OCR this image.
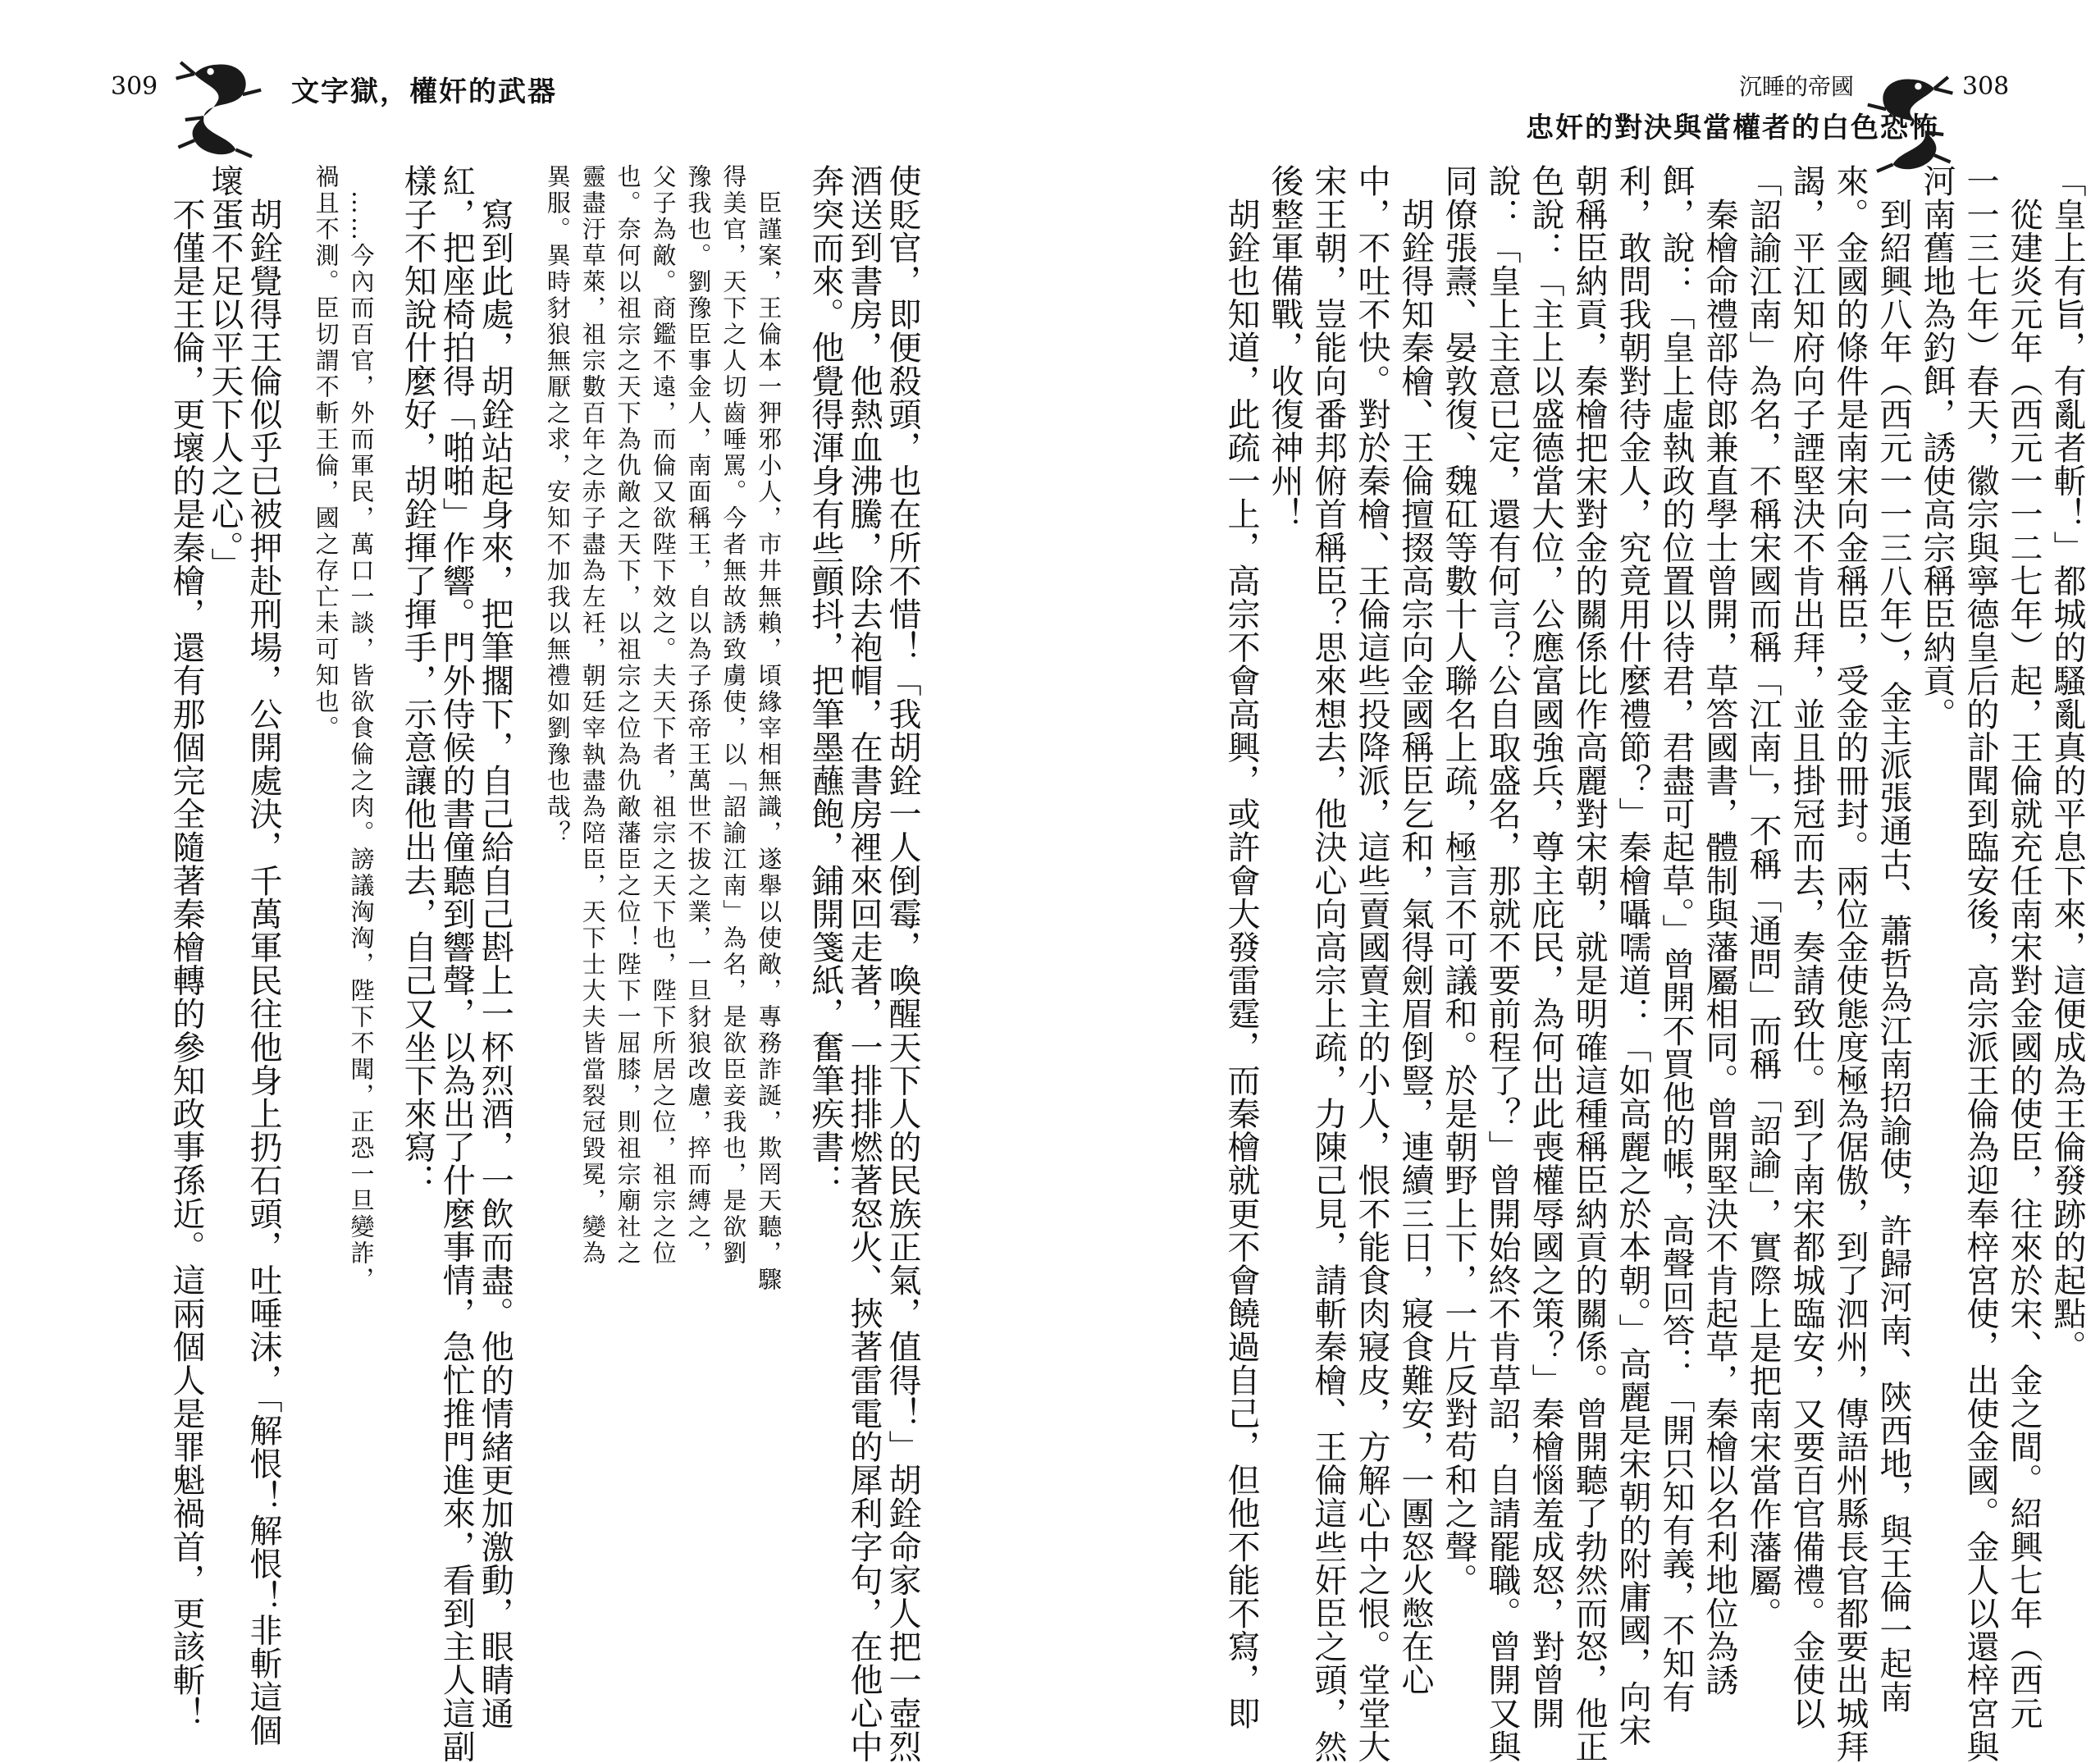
309	文字獄，權奸的武器	沉睡的帝國
忠奸的對決與當權者的白色恐怖
308
使貶官，即便殺頭，也在所不惜！「我胡銓一人倒霉，喚醒天下人的民族正氣，值得！」胡銓命家人把一壺烈
酒送到書房，他熱血沸騰，除去袍帽，在書房裡來回走著，一排排燃著怒火、挾著雷電的犀利字句，在他心中
奔突而來。他覺得渾身有些顫抖，把筆墨蘸飽，鋪開箋紙，奮筆疾書：
　臣謹案，王倫本一狎邪小人，市井無賴，頃緣宰相無識，遂舉以使敵，專務詐誕，欺罔天聽，驟
得美官，天下之人切齒唾罵。今者無故誘致虜使，以「詔諭江南」為名，是欲臣妾我也，是欲劉
豫我也。劉豫臣事金人，南面稱王，自以為子孫帝王萬世不拔之業，一旦豺狼改慮，捽而縛之，
父子為敵。商鑑不遠，而倫又欲陛下效之。夫天下者，祖宗之天下也，陛下所居之位，祖宗之位
也。奈何以祖宗之天下為仇敵之天下，以祖宗之位為仇敵藩臣之位！陛下一屈膝，則祖宗廟社之
靈盡汙草萊，祖宗數百年之赤子盡為左衽，朝廷宰執盡為陪臣，天下士大夫皆當裂冠毀冕，變為
異服。異時豺狼無厭之求，安知不加我以無禮如劉豫也哉？
　寫到此處，胡銓站起身來，把筆擱下，自己給自己斟上一杯烈酒，一飲而盡。他的情緒更加激動，眼睛通
紅，把座椅拍得「啪啪」作響。門外侍候的書僮聽到響聲，以為出了什麼事情，急忙推門進來，看到主人這副
樣子不知說什麼好，胡銓揮了揮手，示意讓他出去，自己又坐下來寫：
　……今內而百官，外而軍民，萬口一談，皆欲食倫之肉。謗議洶洶，陛下不聞，正恐一旦變詐，
禍且不測。臣切謂不斬王倫，國之存亡未可知也。
　胡銓覺得王倫似乎已被押赴刑場，公開處決，千萬軍民往他身上扔石頭，吐唾沫，「解恨！解恨！非斬這個
壞蛋不足以平天下人之心。」
　不僅是王倫，更壞的是秦檜，還有那個完全隨著秦檜轉的參知政事孫近。這兩個人是罪魁禍首，更該斬！	「皇上有旨，有亂者斬！」都城的騷亂真的平息下來，這便成為王倫發跡的起點。
　從建炎元年（西元一一二七年）起，王倫就充任南宋對金國的使臣，往來於宋、金之間。紹興七年（西元
一一三七年）春天，徽宗與寧德皇后的訃聞到臨安後，高宗派王倫為迎奉梓宮使，出使金國。金人以還梓宮與
河南舊地為釣餌，誘使高宗稱臣納貢。
　到紹興八年（西元一一三八年），金主派張通古、蕭哲為江南招諭使，許歸河南、陝西地，與王倫一起南
來。金國的條件是南宋向金稱臣，受金的冊封。兩位金使態度極為倨傲，到了泗州，傳語州縣長官都要出城拜
謁，平江知府向子諲堅決不肯出拜，並且掛冠而去，奏請致仕。到了南宋都城臨安，又要百官備禮。金使以
「詔諭江南」為名，不稱宋國而稱「江南」，不稱「通問」而稱「詔諭」，實際上是把南宋當作藩屬。
　秦檜命禮部侍郎兼直學士曾開，草答國書，體制與藩屬相同。曾開堅決不肯起草，秦檜以名利地位為誘
餌，說：「皇上虛執政的位置以待君，君盡可起草。」曾開不買他的帳，高聲回答：「開只知有義，不知有
利，敢問我朝對待金人，究竟用什麼禮節？」秦檜囁嚅道：「如高麗之於本朝。」高麗是宋朝的附庸國，向宋
朝稱臣納貢，秦檜把宋對金的關係比作高麗對宋朝，就是明確這種稱臣納貢的關係。曾開聽了勃然而怒，他正
色說：「主上以盛德當大位，公應富國強兵，尊主庇民，為何出此喪權辱國之策？」秦檜惱羞成怒，對曾開
說：「皇上主意已定，還有何言？公自取盛名，那就不要前程了？」曾開始終不肯草詔，自請罷職。曾開又與
同僚張燾、晏敦復、魏矼等數十人聯名上疏，極言不可議和。於是朝野上下，一片反對苟和之聲。
　胡銓得知秦檜、王倫擅掇高宗向金國稱臣乞和，氣得劍眉倒豎，連續三日，寢食難安，一團怒火憋在心
中，不吐不快。對於秦檜、王倫這些投降派，這些賣國賣主的小人，恨不能食肉寢皮，方解心中之恨。堂堂大
宋王朝，豈能向番邦俯首稱臣？思來想去，他決心向高宗上疏，力陳己見，請斬秦檜、王倫這些奸臣之頭，然
後整軍備戰，收復神州！
　胡銓也知道，此疏一上，高宗不會高興，或許會大發雷霆，而秦檜就更不會饒過自己，但他不能不寫，即
